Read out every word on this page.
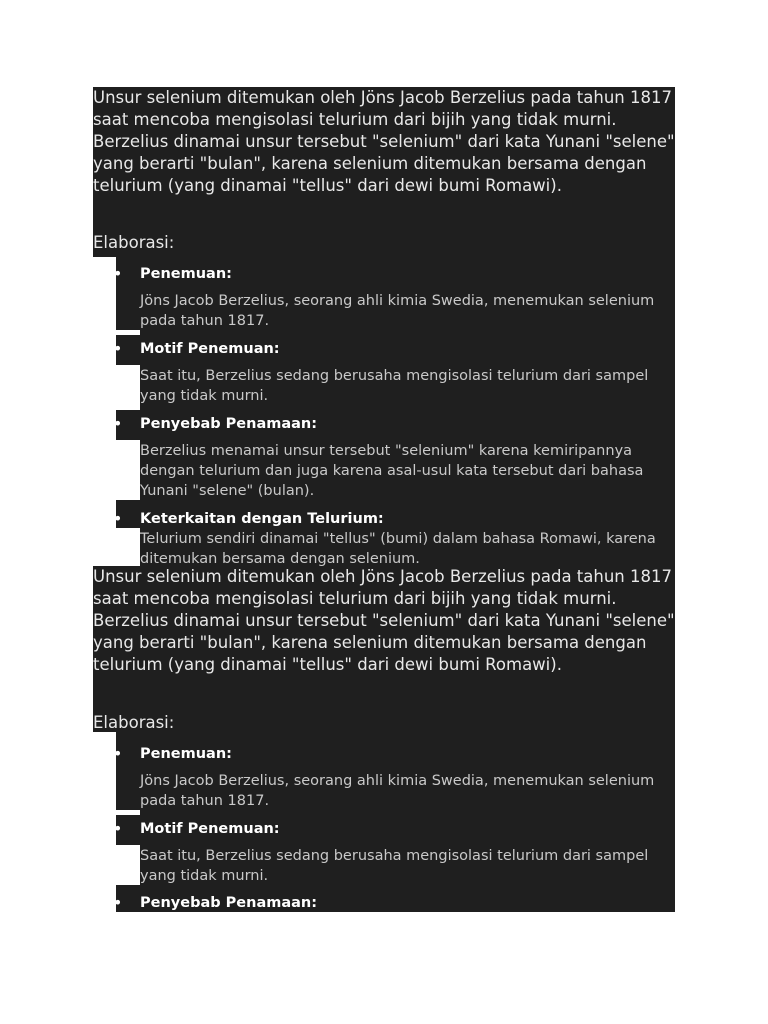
Unsur selenium ditemukan oleh Jöns Jacob Berzelius pada tahun 1817 saat mencoba mengisolasi telurium dari bijih yang tidak murni. Berzelius dinamai unsur tersebut "selenium" dari kata Yunani "selene" yang berarti "bulan", karena selenium ditemukan bersama dengan telurium (yang dinamai "tellus" dari dewi bumi Romawi).

Elaborasi:

• Penemuan:

Jöns Jacob Berzelius, seorang ahli kimia Swedia, menemukan selenium pada tahun 1817.

• Motif Penemuan:

Saat itu, Berzelius sedang berusaha mengisolasi telurium dari sampel yang tidak murni.

• Penyebab Penamaan:

Berzelius menamai unsur tersebut "selenium" karena kemiripannya dengan telurium dan juga karena asal-usul kata tersebut dari bahasa Yunani "selene" (bulan).

• Keterkaitan dengan Telurium:

Telurium sendiri dinamai "tellus" (bumi) dalam bahasa Romawi, karena ditemukan bersama dengan selenium.

Unsur selenium ditemukan oleh Jöns Jacob Berzelius pada tahun 1817 saat mencoba mengisolasi telurium dari bijih yang tidak murni. Berzelius dinamai unsur tersebut "selenium" dari kata Yunani "selene" yang berarti "bulan", karena selenium ditemukan bersama dengan telurium (yang dinamai "tellus" dari dewi bumi Romawi).

Elaborasi:

• Penemuan:

Jöns Jacob Berzelius, seorang ahli kimia Swedia, menemukan selenium pada tahun 1817.

• Motif Penemuan:

Saat itu, Berzelius sedang berusaha mengisolasi telurium dari sampel yang tidak murni.

• Penyebab Penamaan:
